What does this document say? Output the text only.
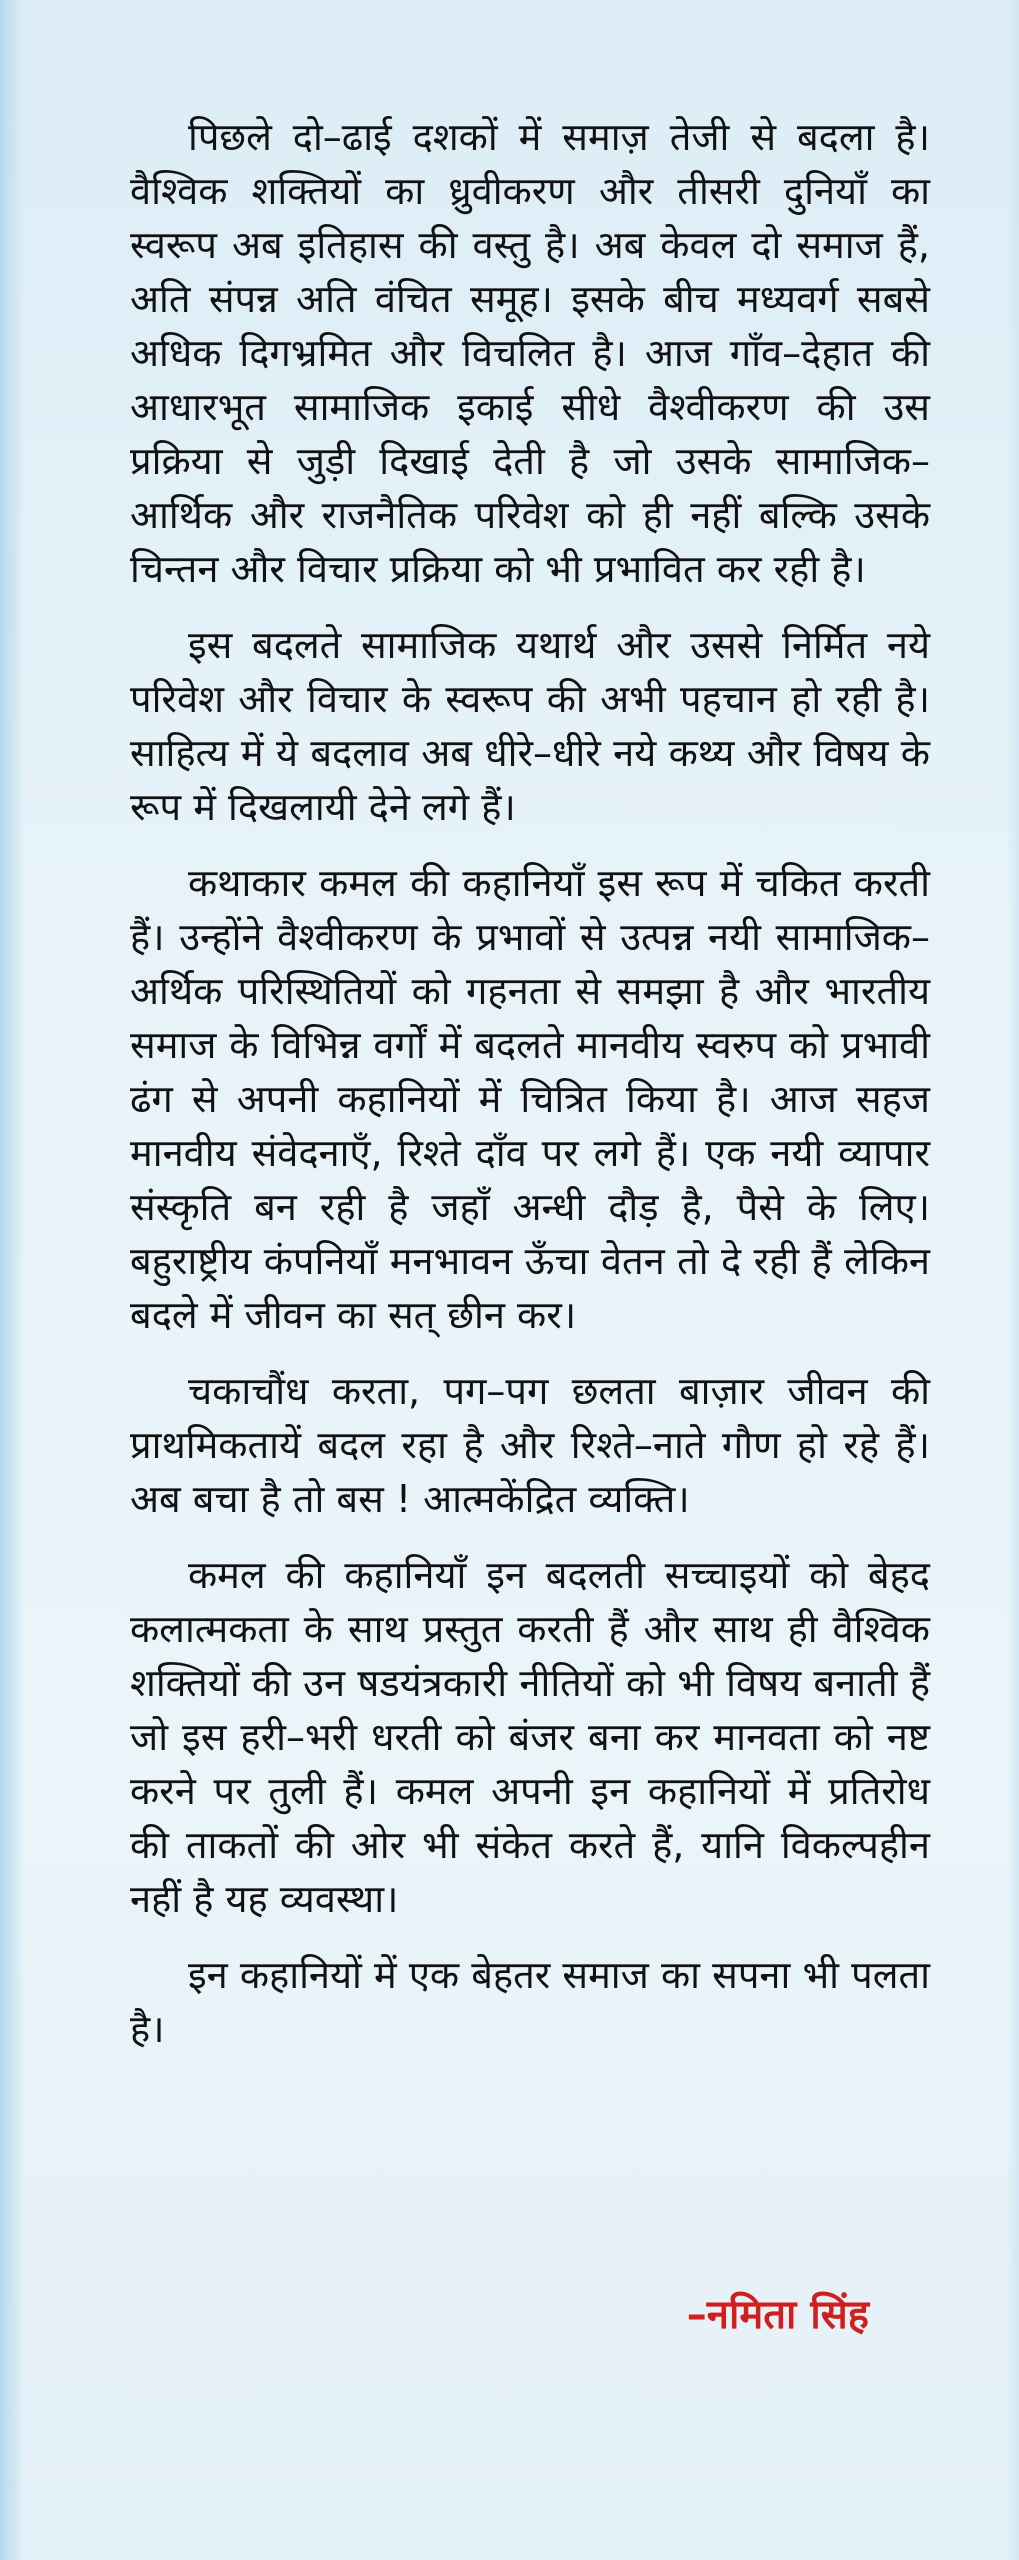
पिछले दो–ढाई दशकों में समाज़ तेजी से बदला है। वैश्विक शक्तियों का ध्रुवीकरण और तीसरी दुनियाँ का स्वरूप अब इतिहास की वस्तु है। अब केवल दो समाज हैं, अति संपन्न अति वंचित समूह। इसके बीच मध्यवर्ग सबसे अधिक दिगभ्रमित और विचलित है। आज गाँव–देहात की आधारभूत सामाजिक इकाई सीधे वैश्वीकरण की उस प्रक्रिया से जुड़ी दिखाई देती है जो उसके सामाजिक–आर्थिक और राजनैतिक परिवेश को ही नहीं बल्कि उसके चिन्तन और विचार प्रक्रिया को भी प्रभावित कर रही है।

इस बदलते सामाजिक यथार्थ और उससे निर्मित नये परिवेश और विचार के स्वरूप की अभी पहचान हो रही है। साहित्य में ये बदलाव अब धीरे–धीरे नये कथ्य और विषय के रूप में दिखलायी देने लगे हैं।

कथाकार कमल की कहानियाँ इस रूप में चकित करती हैं। उन्होंने वैश्वीकरण के प्रभावों से उत्पन्न नयी सामाजिक–अर्थिक परिस्थितियों को गहनता से समझा है और भारतीय समाज के विभिन्न वर्गों में बदलते मानवीय स्वरुप को प्रभावी ढंग से अपनी कहानियों में चित्रित किया है। आज सहज मानवीय संवेदनाएँ, रिश्ते दाँव पर लगे हैं। एक नयी व्यापार संस्कृति बन रही है जहाँ अन्धी दौड़ है, पैसे के लिए। बहुराष्ट्रीय कंपनियाँ मनभावन ऊँचा वेतन तो दे रही हैं लेकिन बदले में जीवन का सत् छीन कर।

चकाचौंध करता, पग–पग छलता बाज़ार जीवन की प्राथमिकतायें बदल रहा है और रिश्ते–नाते गौण हो रहे हैं। अब बचा है तो बस ! आत्मकेंद्रित व्यक्ति।

कमल की कहानियाँ इन बदलती सच्चाइयों को बेहद कलात्मकता के साथ प्रस्तुत करती हैं और साथ ही वैश्विक शक्तियों की उन षडयंत्रकारी नीतियों को भी विषय बनाती हैं जो इस हरी–भरी धरती को बंजर बना कर मानवता को नष्ट करने पर तुली हैं। कमल अपनी इन कहानियों में प्रतिरोध की ताकतों की ओर भी संकेत करते हैं, यानि विकल्पहीन नहीं है यह व्यवस्था।

इन कहानियों में एक बेहतर समाज का सपना भी पलता है।

–नमिता सिंह
